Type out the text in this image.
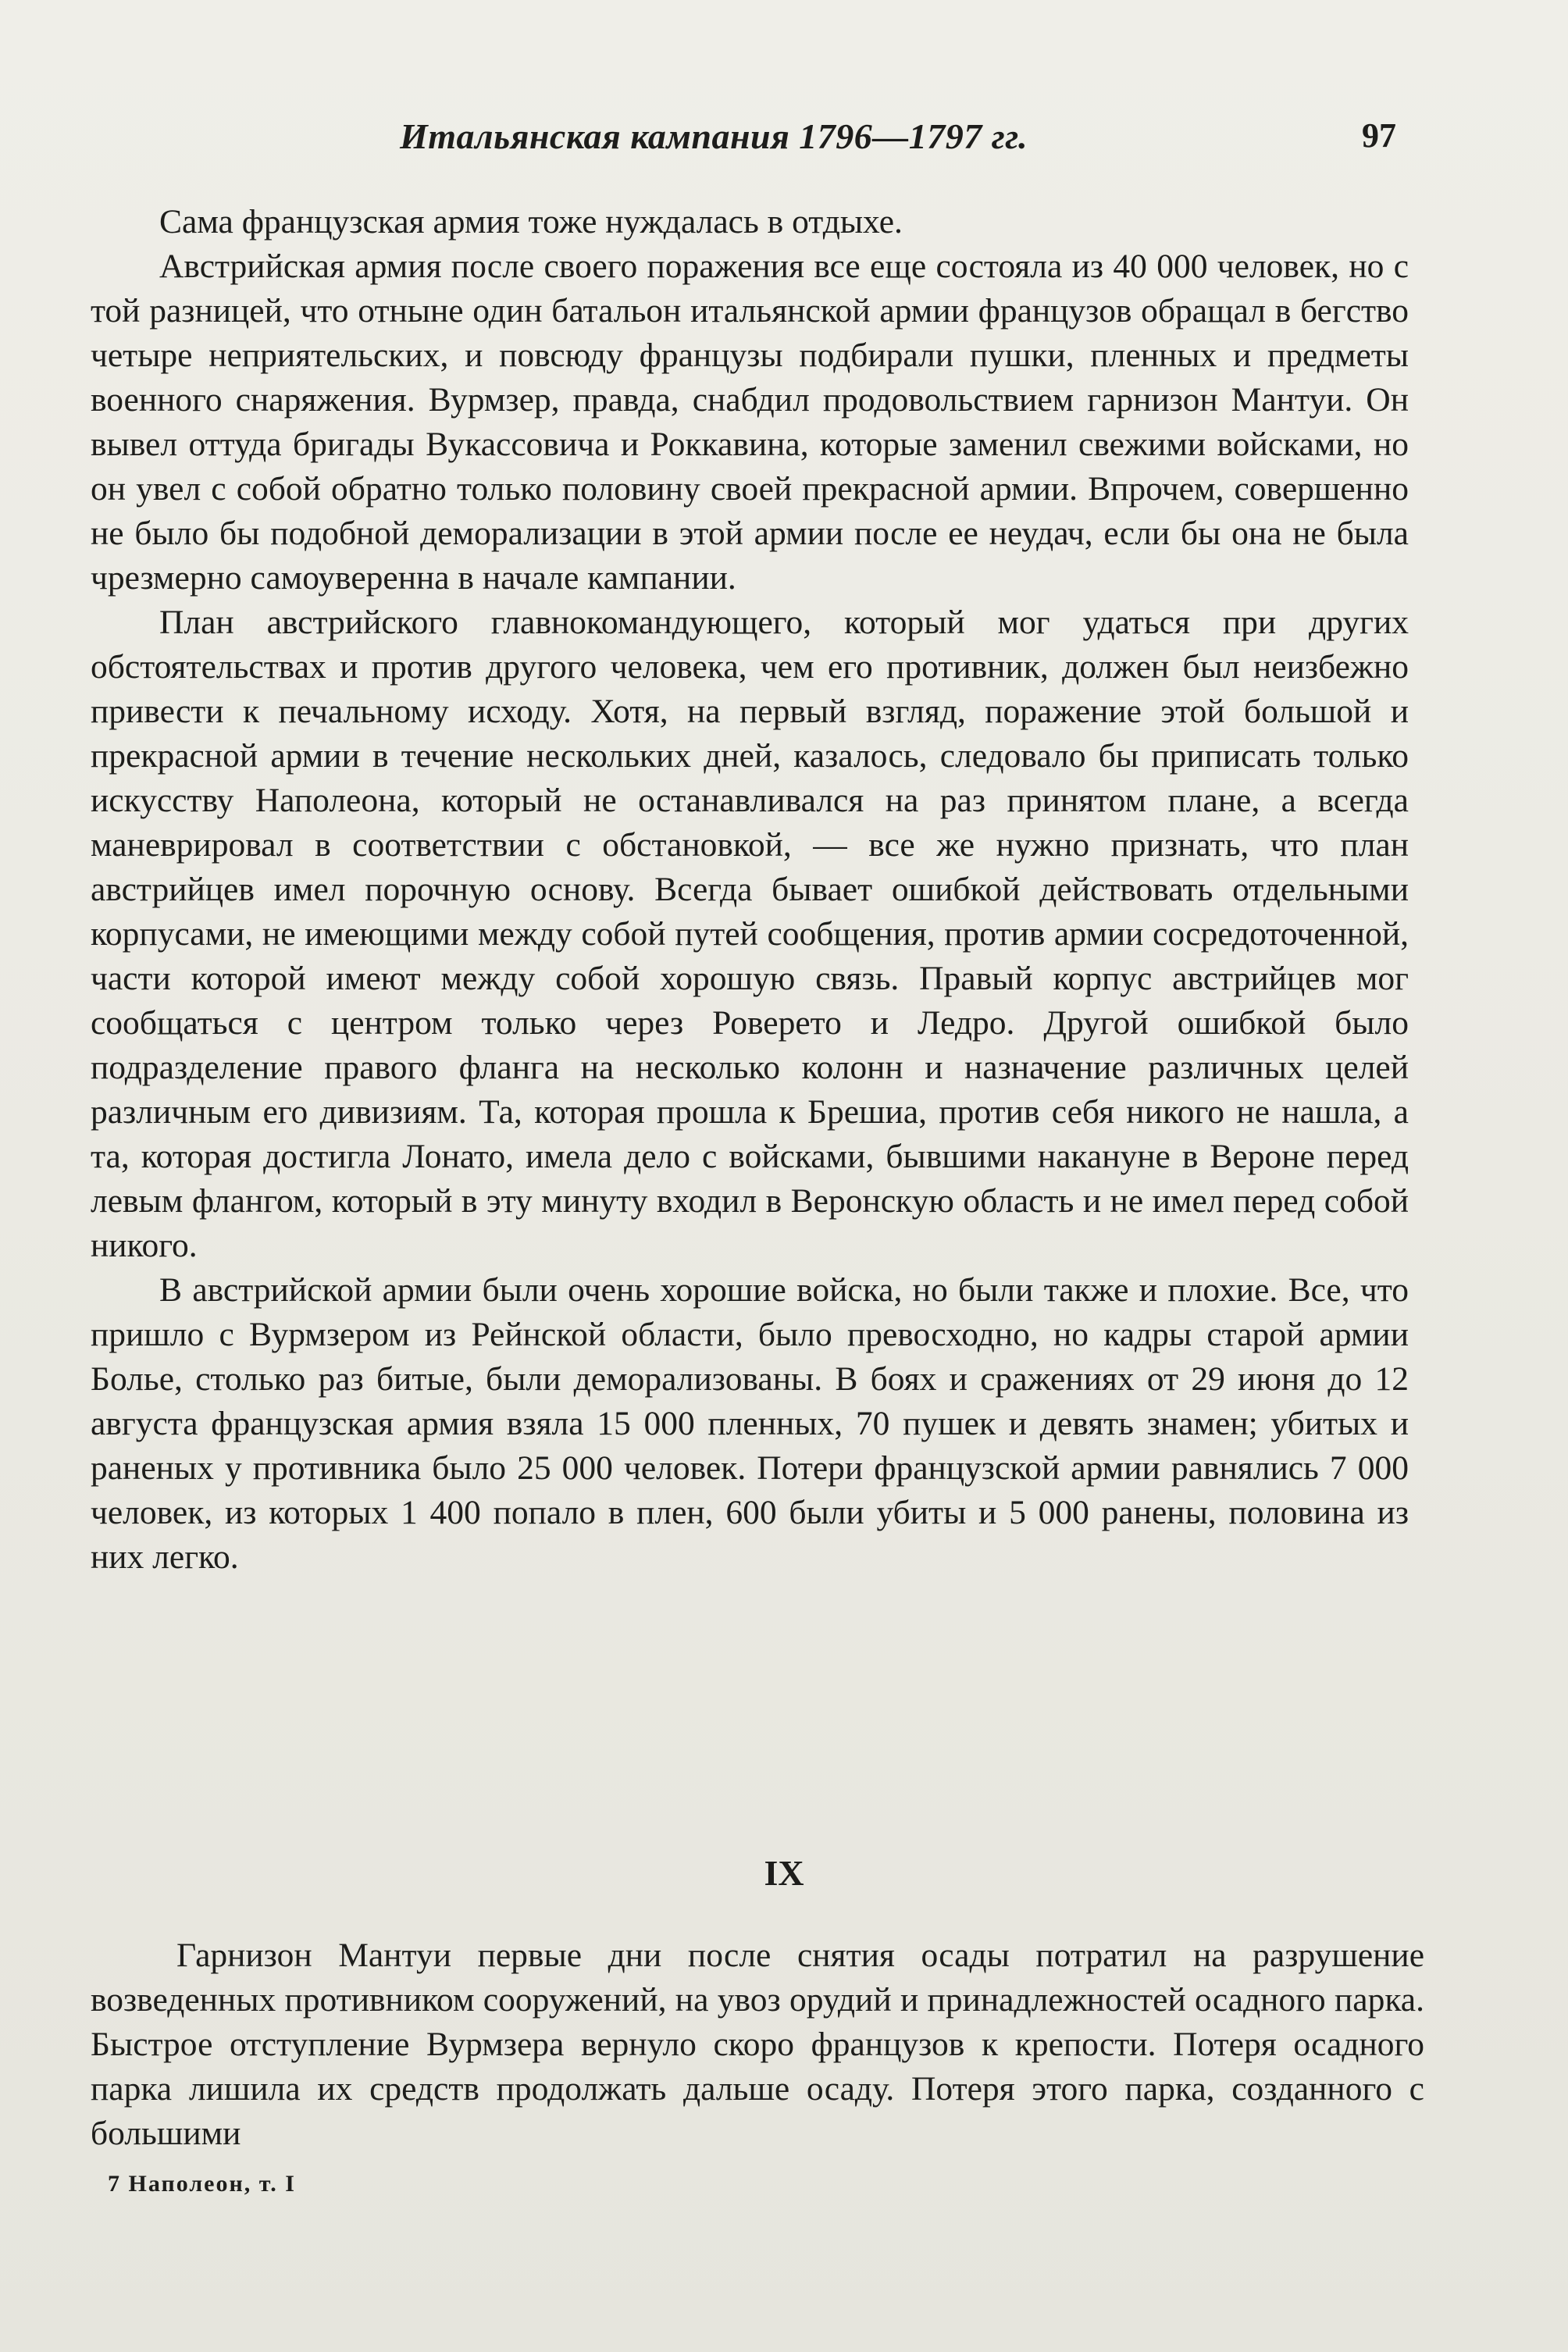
Итальянская кампания 1796—1797 гг.	97

Сама французская армия тоже нуждалась в отдыхе.

Австрийская армия после своего поражения все еще состояла из 40 000 человек, но с той разницей, что отныне один батальон итальянской армии французов обращал в бегство четыре неприятельских, и повсюду французы подбирали пушки, пленных и предметы военного снаряжения. Вурмзер, правда, снабдил продовольствием гарнизон Мантуи. Он вывел оттуда бригады Вукассовича и Роккавина, которые заменил свежими войсками, но он увел с собой обратно только половину своей прекрасной армии. Впрочем, совершенно не было бы подобной деморализации в этой армии после ее неудач, если бы она не была чрезмерно самоуверенна в начале кампании.

План австрийского главнокомандующего, который мог удаться при других обстоятельствах и против другого человека, чем его противник, должен был неизбежно привести к печальному исходу. Хотя, на первый взгляд, поражение этой большой и прекрасной армии в течение нескольких дней, казалось, следовало бы приписать только искусству Наполеона, который не останавливался на раз принятом плане, а всегда маневрировал в соответствии с обстановкой, — все же нужно признать, что план австрийцев имел порочную основу. Всегда бывает ошибкой действовать отдельными корпусами, не имеющими между собой путей сообщения, против армии сосредоточенной, части которой имеют между собой хорошую связь. Правый корпус австрийцев мог сообщаться с центром только через Роверето и Ледро. Другой ошибкой было подразделение правого фланга на несколько колонн и назначение различных целей различным его дивизиям. Та, которая прошла к Брешиа, против себя никого не нашла, а та, которая достигла Лонато, имела дело с войсками, бывшими накануне в Вероне перед левым флангом, который в эту минуту входил в Веронскую область и не имел перед собой никого.

В австрийской армии были очень хорошие войска, но были также и плохие. Все, что пришло с Вурмзером из Рейнской области, было превосходно, но кадры старой армии Болье, столько раз битые, были деморализованы. В боях и сражениях от 29 июня до 12 августа французская армия взяла 15 000 пленных, 70 пушек и девять знамен; убитых и раненых у противника было 25 000 человек. Потери французской армии равнялись 7 000 человек, из которых 1 400 попало в плен, 600 были убиты и 5 000 ранены, половина из них легко.

IX

Гарнизон Мантуи первые дни после снятия осады потратил на разрушение возведенных противником сооружений, на увоз орудий и принадлежностей осадного парка. Быстрое отступление Вурмзера вернуло скоро французов к крепости. Потеря осадного парка лишила их средств продолжать дальше осаду. Потеря этого парка, созданного с большими

7 Наполеон, т. I
